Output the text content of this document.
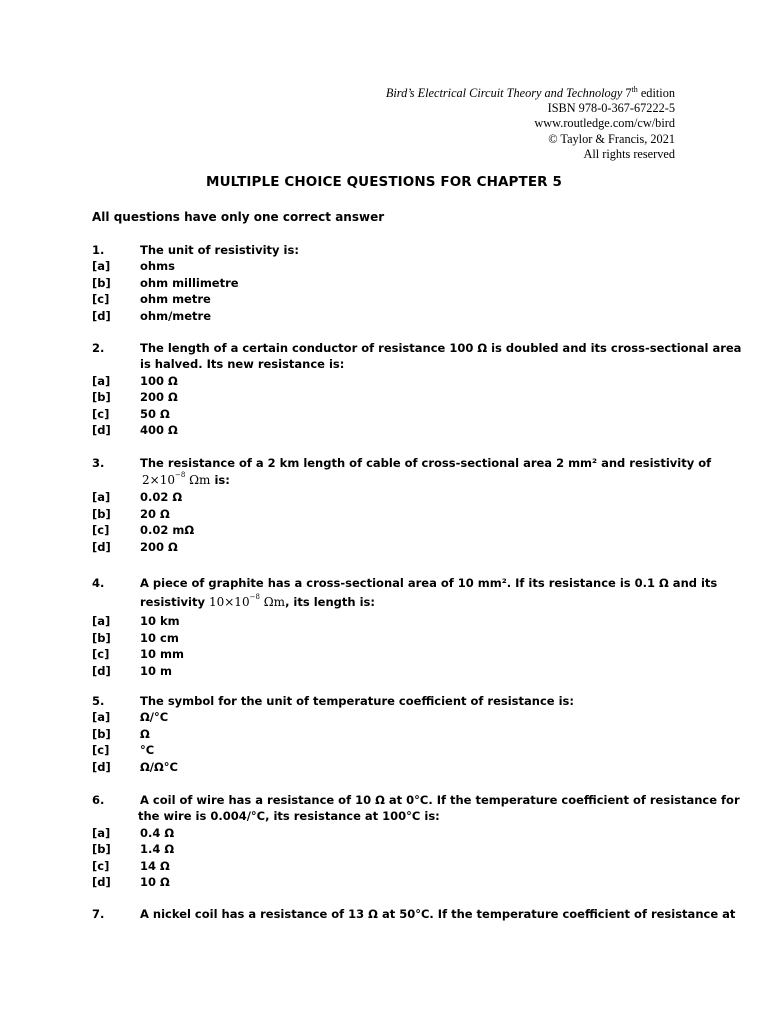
Bird’s Electrical Circuit Theory and Technology 7th edition
ISBN 978-0-367-67222-5
www.routledge.com/cw/bird
© Taylor & Francis, 2021
All rights reserved
MULTIPLE CHOICE QUESTIONS FOR CHAPTER 5
All questions have only one correct answer
1.	The unit of resistivity is:
[a]	ohms
[b]	ohm millimetre
[c]	ohm metre
[d]	ohm/metre
2.	The length of a certain conductor of resistance 100 Ω is doubled and its cross-sectional area
is halved. Its new resistance is:
[a]	100 Ω
[b]	200 Ω
[c]	50 Ω
[d]	400 Ω
3.	The resistance of a 2 km length of cable of cross-sectional area 2 mm² and resistivity of
$2\times 10^{-8}$ Ωm is:
[a]	0.02 Ω
[b]	20 Ω
[c]	0.02 mΩ
[d]	200 Ω
4.	A piece of graphite has a cross-sectional area of 10 mm². If its resistance is 0.1 Ω and its
resistivity $10\times 10^{-8}$ Ωm, its length is:
[a]	10 km
[b]	10 cm
[c]	10 mm
[d]	10 m
5.	The symbol for the unit of temperature coefficient of resistance is:
[a]	Ω/°C
[b]	Ω
[c]	°C
[d]	Ω/Ω°C
6.	A coil of wire has a resistance of 10 Ω at 0°C. If the temperature coefficient of resistance for
the wire is 0.004/°C, its resistance at 100°C is:
[a]	0.4 Ω
[b]	1.4 Ω
[c]	14 Ω
[d]	10 Ω
7.	A nickel coil has a resistance of 13 Ω at 50°C. If the temperature coefficient of resistance at
